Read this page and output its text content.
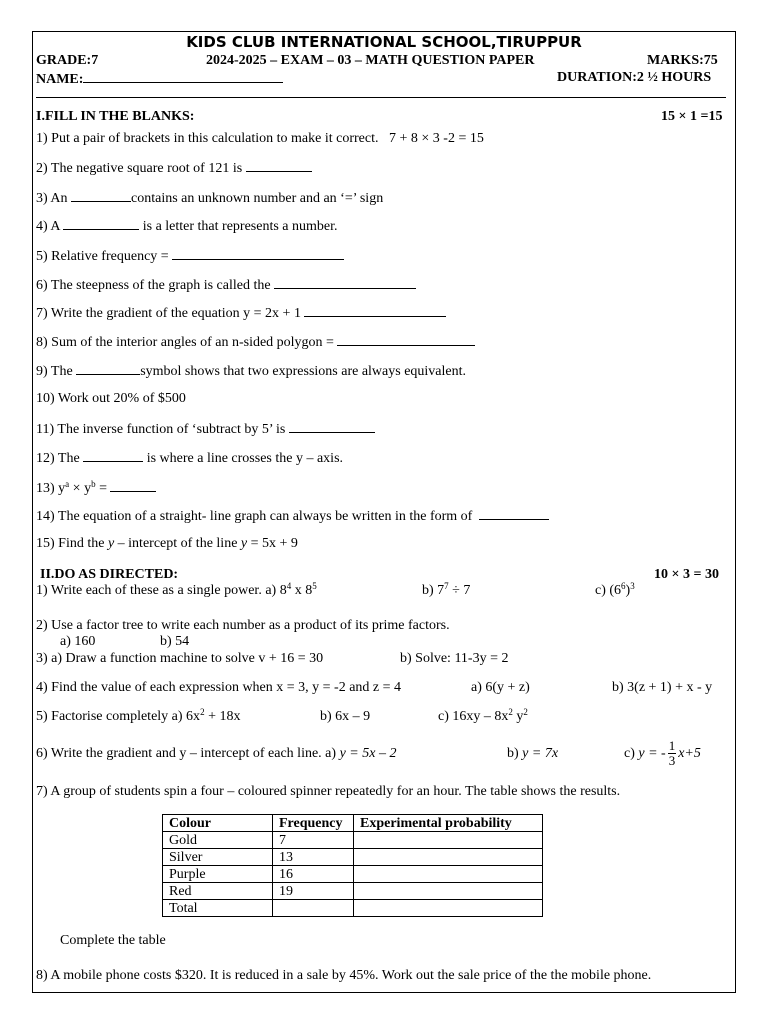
KIDS CLUB INTERNATIONAL SCHOOL,TIRUPPUR
GRADE:7	2024-2025 – EXAM – 03 – MATH QUESTION PAPER	MARKS:75
NAME:	DURATION:2 ½ HOURS
I.FILL IN THE BLANKS:	15 × 1 =15
1) Put a pair of brackets in this calculation to make it correct. 7 + 8 × 3 -2 = 15
2) The negative square root of 121 is
3) An	contains an unknown number and an ‘=’ sign
4) A	is a letter that represents a number.
5) Relative frequency =
6) The steepness of the graph is called the
7) Write the gradient of the equation y = 2x + 1
8) Sum of the interior angles of an n-sided polygon =
9) The	symbol shows that two expressions are always equivalent.
10) Work out 20% of $500
11) The inverse function of ‘subtract by 5’ is
12) The	is where a line crosses the y – axis.
13) $y^a \times y^b$ =
14) The equation of a straight- line graph can always be written in the form of
15) Find the y – intercept of the line y = 5x + 9
II.DO AS DIRECTED:	10 × 3 = 30
1) Write each of these as a single power. a) $8^4$ x $8^5$	b) $7^7 \div 7$	c) $(6^6)^3$
2) Use a factor tree to write each number as a product of its prime factors.
a) 160	b) 54
3) a) Draw a function machine to solve v + 16 = 30	b) Solve: 11-3y = 2
4) Find the value of each expression when x = 3, y = -2 and z = 4	a) 6(y + z)	b) 3(z + 1) + x - y
5) Factorise completely a) $6x^2 + 18x$	b) 6x – 9	c) $16xy - 8x^2$ $y^2$
6) Write the gradient and y – intercept of each line. a) y = 5x – 2	b) y = 7x	c) y = - $\frac{1}{3} x+5$
7) A group of students spin a four – coloured spinner repeatedly for an hour. The table shows the results.
Colour	Frequency	Experimental probability
Gold	7	
Silver	13	
Purple	16	
Red	19	
Total		
Complete the table
8) A mobile phone costs $320. It is reduced in a sale by 45%. Work out the sale price of the the mobile phone.
